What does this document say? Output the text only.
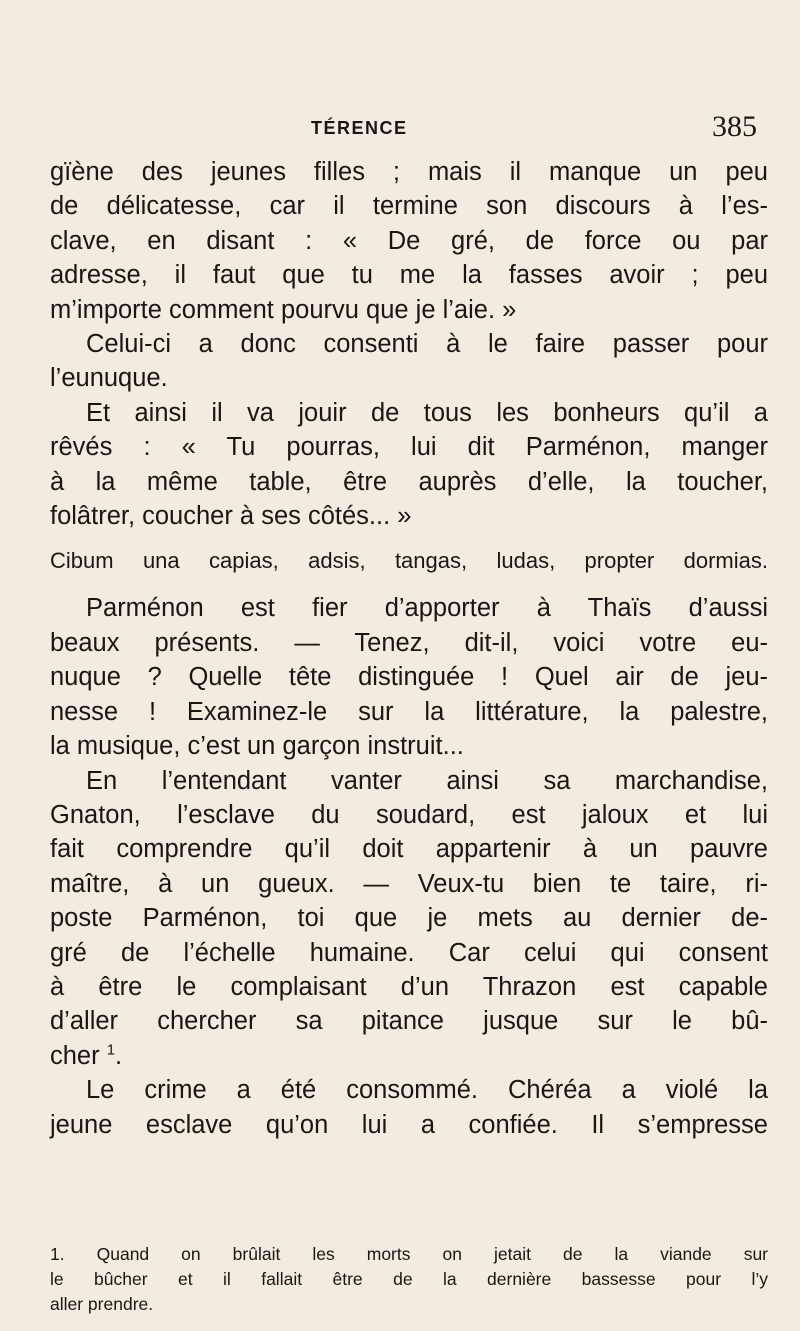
TÉRENCE	385
gïène des jeunes filles ; mais il manque un peu
de délicatesse, car il termine son discours à l’es-
clave, en disant : « De gré, de force ou par
adresse, il faut que tu me la fasses avoir ; peu
m’importe comment pourvu que je l’aie. »
Celui-ci a donc consenti à le faire passer pour
l’eunuque.
Et ainsi il va jouir de tous les bonheurs qu’il a
rêvés : « Tu pourras, lui dit Parménon, manger
à la même table, être auprès d’elle, la toucher,
folâtrer, coucher à ses côtés... »
Cibum una capias, adsis, tangas, ludas, propter dormias.
Parménon est fier d’apporter à Thaïs d’aussi
beaux présents. — Tenez, dit-il, voici votre eu-
nuque ? Quelle tête distinguée ! Quel air de jeu-
nesse ! Examinez-le sur la littérature, la palestre,
la musique, c’est un garçon instruit...
En l’entendant vanter ainsi sa marchandise,
Gnaton, l’esclave du soudard, est jaloux et lui
fait comprendre qu’il doit appartenir à un pauvre
maître, à un gueux. — Veux-tu bien te taire, ri-
poste Parménon, toi que je mets au dernier de-
gré de l’échelle humaine. Car celui qui consent
à être le complaisant d’un Thrazon est capable
d’aller chercher sa pitance jusque sur le bû-
cher $^1$.
Le crime a été consommé. Chéréa a violé la
jeune esclave qu’on lui a confiée. Il s’empresse
1. Quand on brûlait les morts on jetait de la viande sur
le bûcher et il fallait être de la dernière bassesse pour l’y
aller prendre.
